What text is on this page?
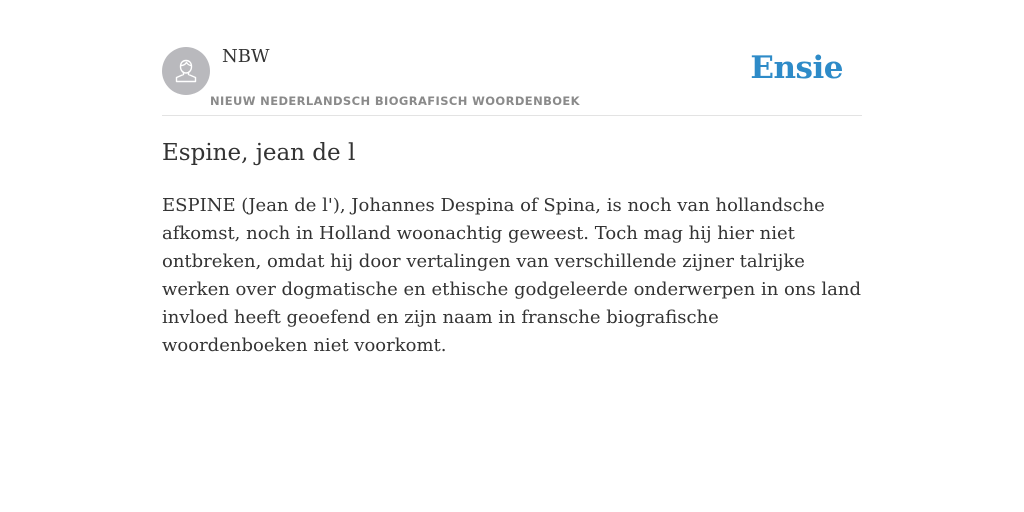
NBW
NIEUW NEDERLANDSCH BIOGRAFISCH WOORDENBOEK
Ensie
Espine, jean de l

ESPINE (Jean de l'), Johannes Despina of Spina, is noch van hollandsche afkomst, noch in Holland woonachtig geweest. Toch mag hij hier niet ontbreken, omdat hij door vertalingen van verschillende zijner talrijke werken over dogmatische en ethische godgeleerde onderwerpen in ons land invloed heeft geoefend en zijn naam in fransche biografische woordenboeken niet voorkomt.
